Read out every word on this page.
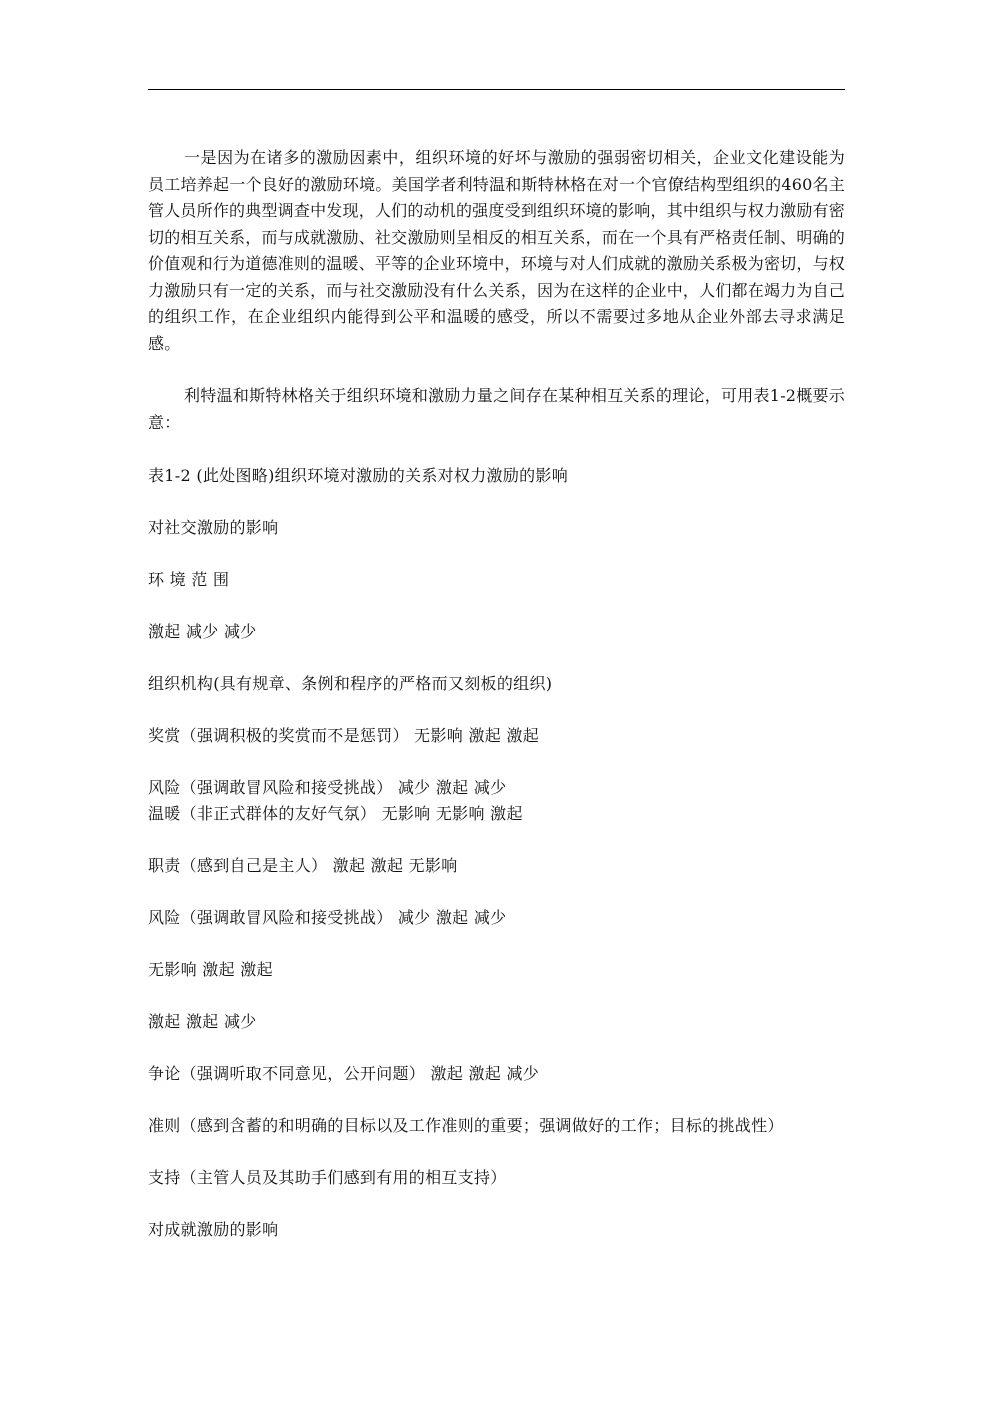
一是因为在诸多的激励因素中，组织环境的好坏与激励的强弱密切相关，企业文化建设能为员工培养起一个良好的激励环境。美国学者利特温和斯特林格在对一个官僚结构型组织的460名主管人员所作的典型调查中发现，人们的动机的强度受到组织环境的影响，其中组织与权力激励有密切的相互关系，而与成就激励、社交激励则呈相反的相互关系，而在一个具有严格责任制、明确的价值观和行为道德准则的温暖、平等的企业环境中，环境与对人们成就的激励关系极为密切，与权力激励只有一定的关系，而与社交激励没有什么关系，因为在这样的企业中，人们都在竭力为自己的组织工作，在企业组织内能得到公平和温暖的感受，所以不需要过多地从企业外部去寻求满足感。

利特温和斯特林格关于组织环境和激励力量之间存在某种相互关系的理论，可用表1-2概要示意：

表1-2 (此处图略)组织环境对激励的关系对权力激励的影响

对社交激励的影响

环 境 范 围

激起 减少 减少

组织机构(具有规章、条例和程序的严格而又刻板的组织)

奖赏（强调积极的奖赏而不是惩罚） 无影响 激起 激起

风险（强调敢冒风险和接受挑战） 减少 激起 减少

温暖（非正式群体的友好气氛） 无影响 无影响 激起

职责（感到自己是主人） 激起 激起 无影响

风险（强调敢冒风险和接受挑战） 减少 激起 减少

无影响 激起 激起

激起 激起 减少

争论（强调听取不同意见，公开问题） 激起 激起 减少

准则（感到含蓄的和明确的目标以及工作准则的重要；强调做好的工作；目标的挑战性）

支持（主管人员及其助手们感到有用的相互支持）

对成就激励的影响
